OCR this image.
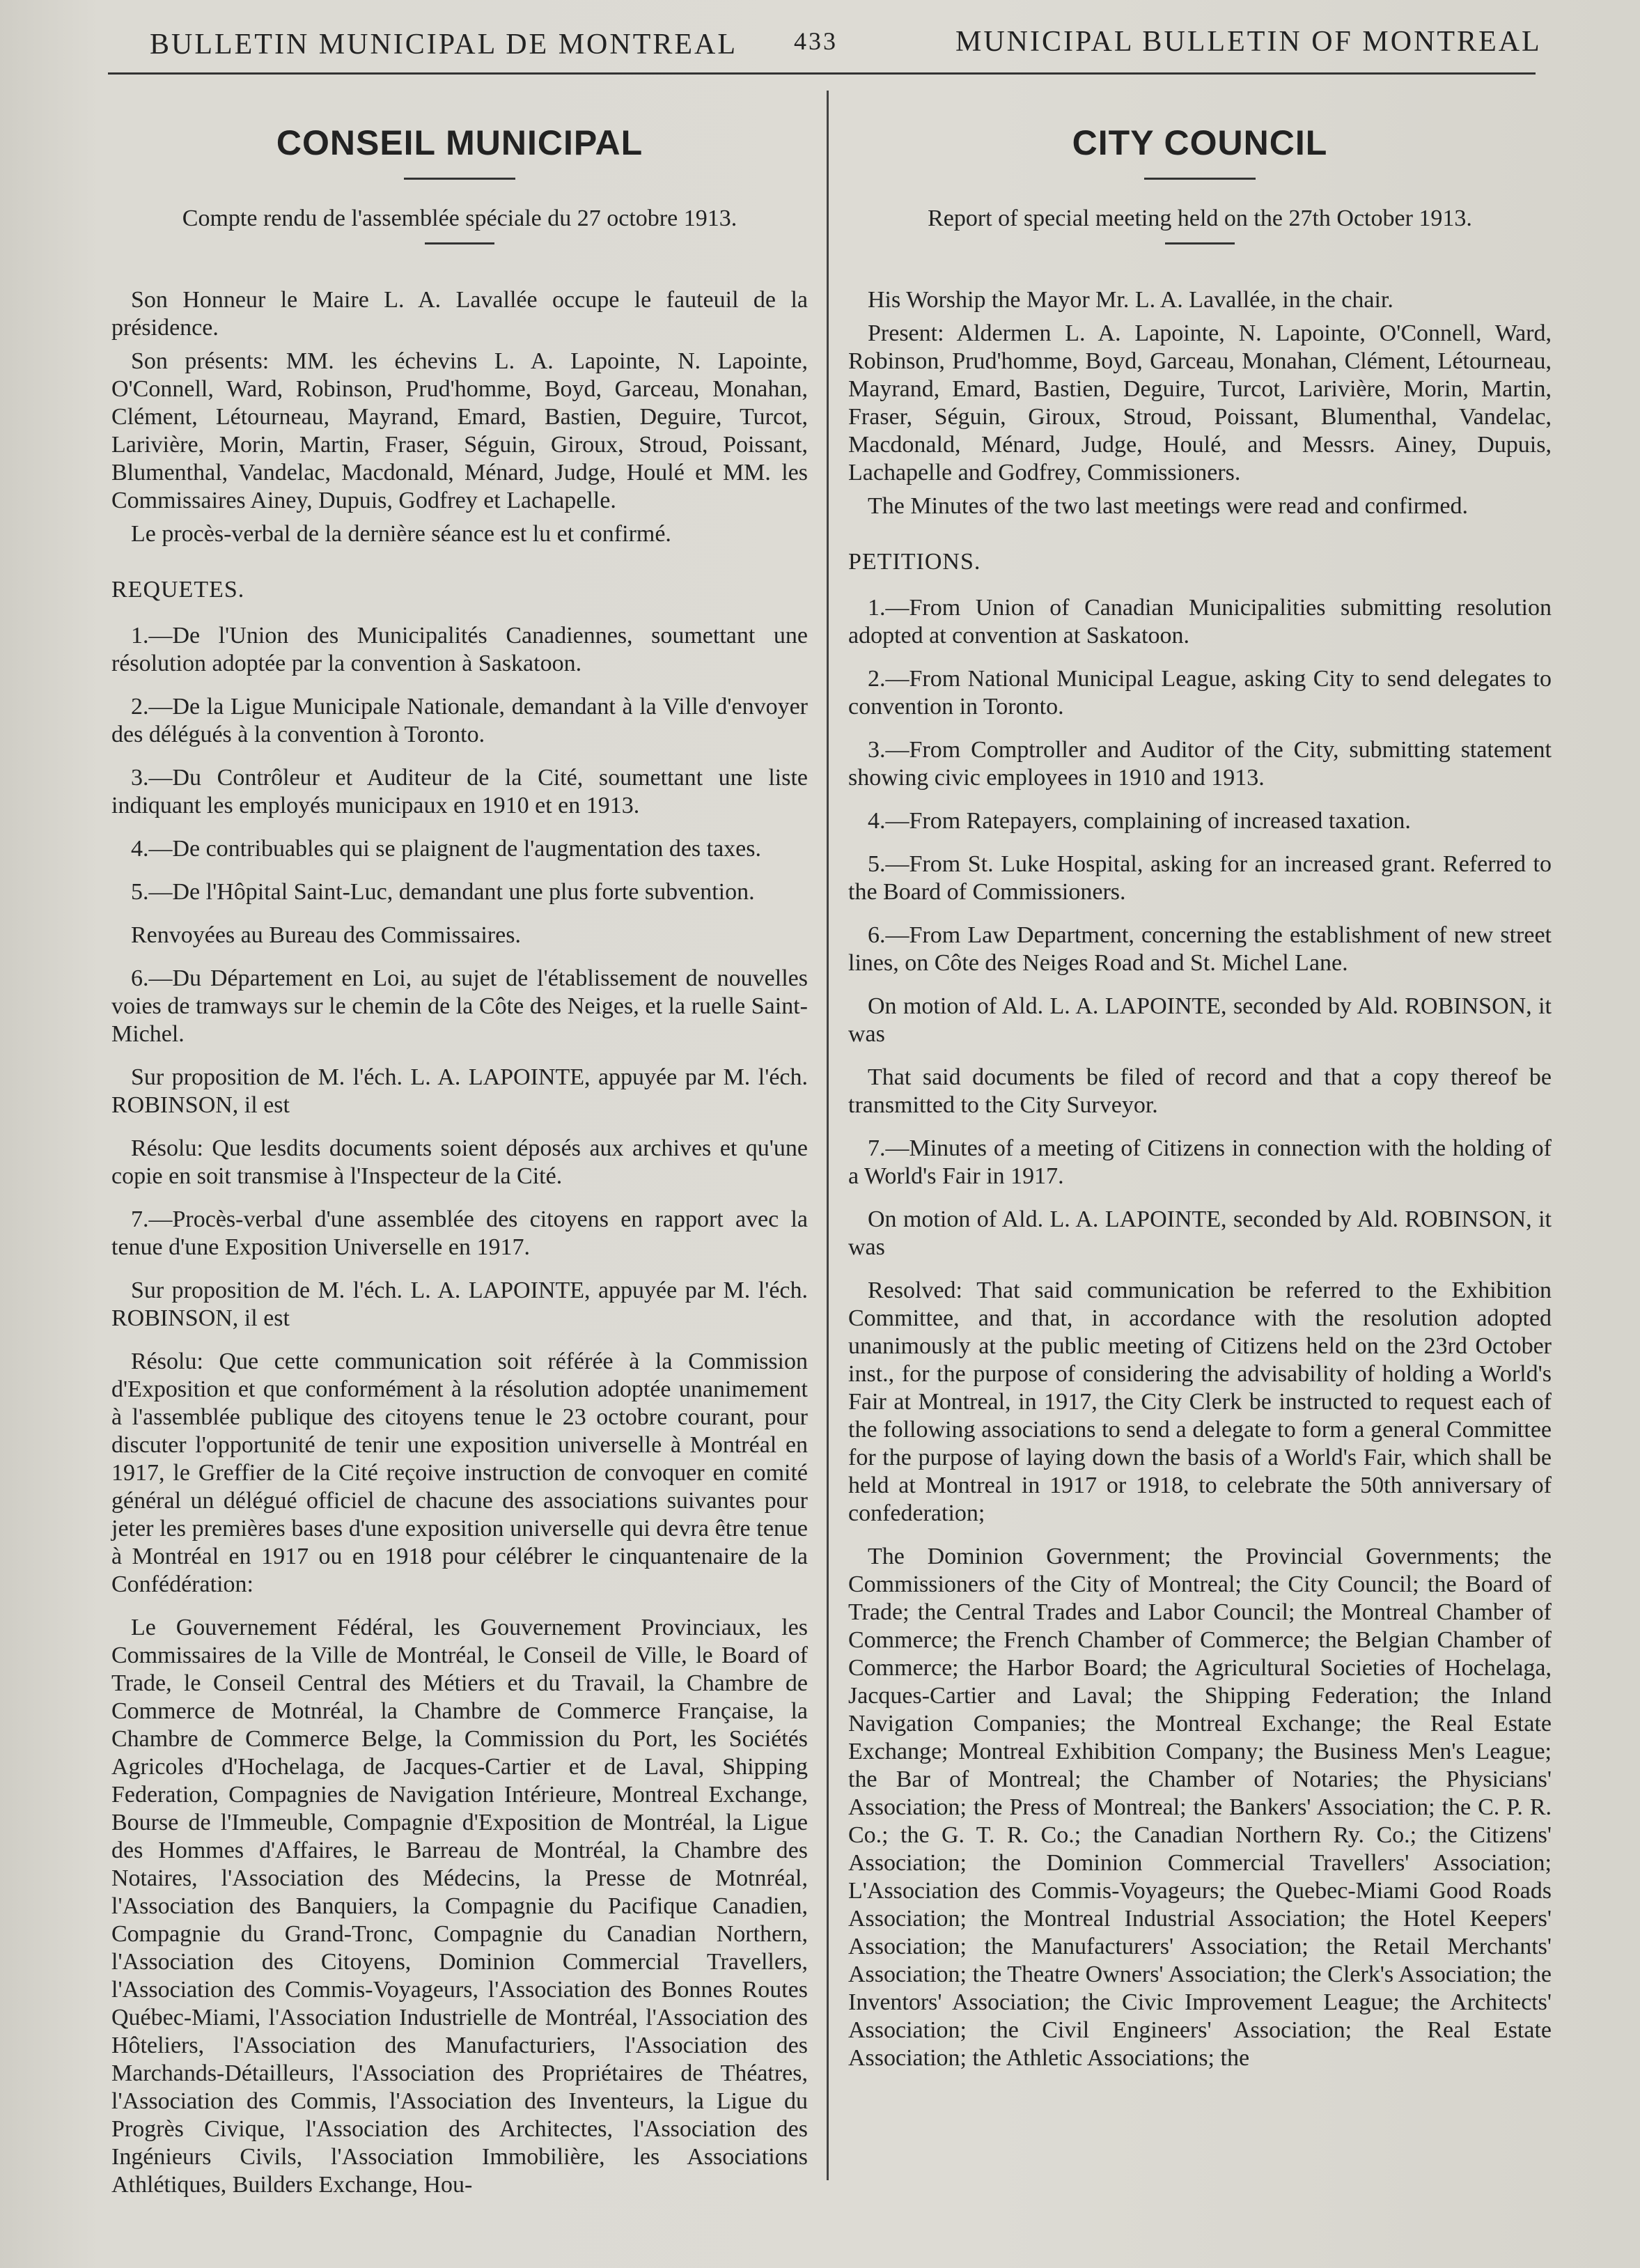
BULLETIN MUNICIPAL DE MONTREAL 433	MUNICIPAL BULLETIN OF MONTREAL
CONSEIL MUNICIPAL

Compte rendu de l'assemblée spéciale du 27 octobre 1913.

Son Honneur le Maire L. A. Lavallée occupe le fauteuil de la présidence.

Son présents: MM. les échevins L. A. Lapointe, N. Lapointe, O'Connell, Ward, Robinson, Prud'homme, Boyd, Garceau, Monahan, Clément, Létourneau, Mayrand, Emard, Bastien, Deguire, Turcot, Larivière, Morin, Martin, Fraser, Séguin, Giroux, Stroud, Poissant, Blumenthal, Vandelac, Macdonald, Ménard, Judge, Houlé et MM. les Commissaires Ainey, Dupuis, Godfrey et Lachapelle.

Le procès-verbal de la dernière séance est lu et confirmé.

REQUETES.

1.—De l'Union des Municipalités Canadiennes, soumettant une résolution adoptée par la convention à Saskatoon.

2.—De la Ligue Municipale Nationale, demandant à la Ville d'envoyer des délégués à la convention à Toronto.

3.—Du Contrôleur et Auditeur de la Cité, soumettant une liste indiquant les employés municipaux en 1910 et en 1913.

4.—De contribuables qui se plaignent de l'augmentation des taxes.

5.—De l'Hôpital Saint-Luc, demandant une plus forte subvention.

Renvoyées au Bureau des Commissaires.

6.—Du Département en Loi, au sujet de l'établissement de nouvelles voies de tramways sur le chemin de la Côte des Neiges, et la ruelle Saint-Michel.

Sur proposition de M. l'éch. L. A. LAPOINTE, appuyée par M. l'éch. ROBINSON, il est

Résolu: Que lesdits documents soient déposés aux archives et qu'une copie en soit transmise à l'Inspecteur de la Cité.

7.—Procès-verbal d'une assemblée des citoyens en rapport avec la tenue d'une Exposition Universelle en 1917.

Sur proposition de M. l'éch. L. A. LAPOINTE, appuyée par M. l'éch. ROBINSON, il est

Résolu: Que cette communication soit référée à la Commission d'Exposition et que conformément à la résolution adoptée unanimement à l'assemblée publique des citoyens tenue le 23 octobre courant, pour discuter l'opportunité de tenir une exposition universelle à Montréal en 1917, le Greffier de la Cité reçoive instruction de convoquer en comité général un délégué officiel de chacune des associations suivantes pour jeter les premières bases d'une exposition universelle qui devra être tenue à Montréal en 1917 ou en 1918 pour célébrer le cinquantenaire de la Confédération:

Le Gouvernement Fédéral, les Gouvernement Provinciaux, les Commissaires de la Ville de Montréal, le Conseil de Ville, le Board of Trade, le Conseil Central des Métiers et du Travail, la Chambre de Commerce de Motnréal, la Chambre de Commerce Française, la Chambre de Commerce Belge, la Commission du Port, les Sociétés Agricoles d'Hochelaga, de Jacques-Cartier et de Laval, Shipping Federation, Compagnies de Navigation Intérieure, Montreal Exchange, Bourse de l'Immeuble, Compagnie d'Exposition de Montréal, la Ligue des Hommes d'Affaires, le Barreau de Montréal, la Chambre des Notaires, l'Association des Médecins, la Presse de Motnréal, l'Association des Banquiers, la Compagnie du Pacifique Canadien, Compagnie du Grand-Tronc, Compagnie du Canadian Northern, l'Association des Citoyens, Dominion Commercial Travellers, l'Association des Commis-Voyageurs, l'Association des Bonnes Routes Québec-Miami, l'Association Industrielle de Montréal, l'Association des Hôteliers, l'Association des Manufacturiers, l'Association des Marchands-Détailleurs, l'Association des Propriétaires de Théatres, l'Association des Commis, l'Association des Inventeurs, la Ligue du Progrès Civique, l'Association des Architectes, l'Association des Ingénieurs Civils, l'Association Immobilière, les Associations Athlétiques, Builders Exchange, Hou-

CITY COUNCIL

Report of special meeting held on the 27th October 1913.

His Worship the Mayor Mr. L. A. Lavallée, in the chair.

Present: Aldermen L. A. Lapointe, N. Lapointe, O'Connell, Ward, Robinson, Prud'homme, Boyd, Garceau, Monahan, Clément, Létourneau, Mayrand, Emard, Bastien, Deguire, Turcot, Larivière, Morin, Martin, Fraser, Séguin, Giroux, Stroud, Poissant, Blumenthal, Vandelac, Macdonald, Ménard, Judge, Houlé, and Messrs. Ainey, Dupuis, Lachapelle and Godfrey, Commissioners.

The Minutes of the two last meetings were read and confirmed.

PETITIONS.

1.—From Union of Canadian Municipalities submitting resolution adopted at convention at Saskatoon.

2.—From National Municipal League, asking City to send delegates to convention in Toronto.

3.—From Comptroller and Auditor of the City, submitting statement showing civic employees in 1910 and 1913.

4.—From Ratepayers, complaining of increased taxation.

5.—From St. Luke Hospital, asking for an increased grant. Referred to the Board of Commissioners.

6.—From Law Department, concerning the establishment of new street lines, on Côte des Neiges Road and St. Michel Lane.

On motion of Ald. L. A. LAPOINTE, seconded by Ald. ROBINSON, it was

That said documents be filed of record and that a copy thereof be transmitted to the City Surveyor.

7.—Minutes of a meeting of Citizens in connection with the holding of a World's Fair in 1917.

On motion of Ald. L. A. LAPOINTE, seconded by Ald. ROBINSON, it was

Resolved: That said communication be referred to the Exhibition Committee, and that, in accordance with the resolution adopted unanimously at the public meeting of Citizens held on the 23rd October inst., for the purpose of considering the advisability of holding a World's Fair at Montreal, in 1917, the City Clerk be instructed to request each of the following associations to send a delegate to form a general Committee for the purpose of laying down the basis of a World's Fair, which shall be held at Montreal in 1917 or 1918, to celebrate the 50th anniversary of confederation;

The Dominion Government; the Provincial Governments; the Commissioners of the City of Montreal; the City Council; the Board of Trade; the Central Trades and Labor Council; the Montreal Chamber of Commerce; the French Chamber of Commerce; the Belgian Chamber of Commerce; the Harbor Board; the Agricultural Societies of Hochelaga, Jacques-Cartier and Laval; the Shipping Federation; the Inland Navigation Companies; the Montreal Exchange; the Real Estate Exchange; Montreal Exhibition Company; the Business Men's League; the Bar of Montreal; the Chamber of Notaries; the Physicians' Association; the Press of Montreal; the Bankers' Association; the C. P. R. Co.; the G. T. R. Co.; the Canadian Northern Ry. Co.; the Citizens' Association; the Dominion Commercial Travellers' Association; L'Association des Commis-Voyageurs; the Quebec-Miami Good Roads Association; the Montreal Industrial Association; the Hotel Keepers' Association; the Manufacturers' Association; the Retail Merchants' Association; the Theatre Owners' Association; the Clerk's Association; the Inventors' Association; the Civic Improvement League; the Architects' Association; the Civil Engineers' Association; the Real Estate Association; the Athletic Associations; the
